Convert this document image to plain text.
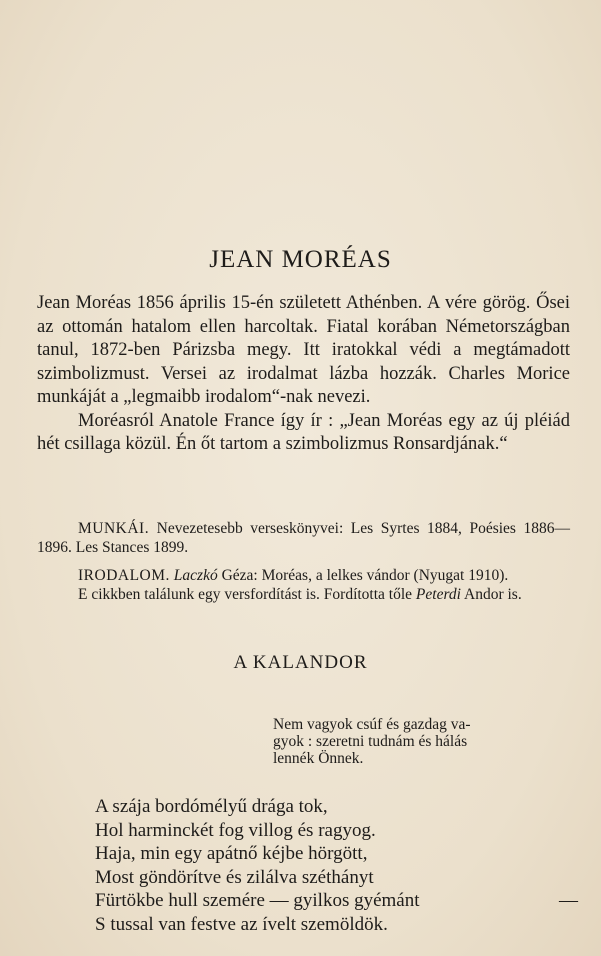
JEAN MORÉAS

Jean Moréas 1856 április 15-én született Athénben. A vére görög. Ősei az ottomán hatalom ellen harcoltak. Fiatal korában Németországban tanul, 1872-ben Párizsba megy. Itt iratokkal védi a megtámadott szimbolizmust. Versei az irodalmat lázba hozzák. Charles Morice munkáját a „legmaibb irodalom“-nak nevezi.

Moréasról Anatole France így ír : „Jean Moréas egy az új pléiád hét csillaga közül. Én őt tartom a szimbolizmus Ronsardjának.“

MUNKÁI. Nevezetesebb verseskönyvei: Les Syrtes 1884, Poésies 1886—1896. Les Stances 1899.

IRODALOM. Laczkó Géza: Moréas, a lelkes vándor (Nyugat 1910).

E cikkben találunk egy versfordítást is. Fordította tőle Peterdi Andor is.

A KALANDOR

Nem vagyok csúf és gazdag va-

gyok : szeretni tudnám és hálás

lennék Önnek.

A szája bordómélyű drága tok,
Hol harminckét fog villog és ragyog.
Haja, min egy apátnő kéjbe hörgött,
Most göndörítve és zilálva széthányt
Fürtökbe hull szemére — gyilkos gyémánt	—
S tussal van festve az ívelt szemöldök.
